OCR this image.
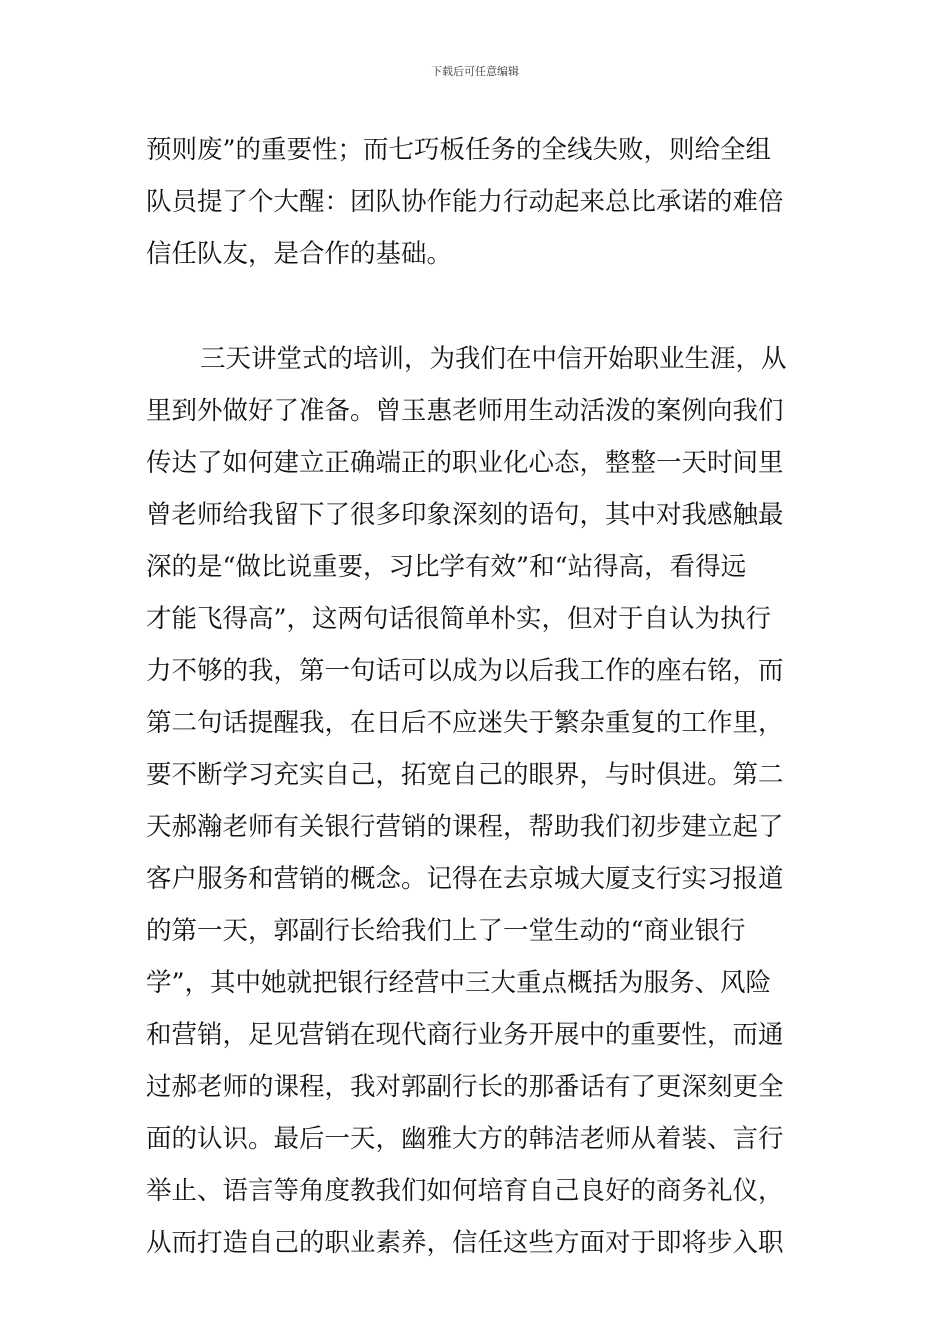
下载后可任意编辑
预则废”的重要性；而七巧板任务的全线失败，则给全组
队员提了个大醒：团队协作能力行动起来总比承诺的难倍
信任队友，是合作的基础。
三天讲堂式的培训，为我们在中信开始职业生涯，从
里到外做好了准备。曾玉惠老师用生动活泼的案例向我们
传达了如何建立正确端正的职业化心态，整整一天时间里
曾老师给我留下了很多印象深刻的语句，其中对我感触最
深的是“做比说重要，习比学有效”和“站得高，看得远
才能飞得高”，这两句话很简单朴实，但对于自认为执行
力不够的我，第一句话可以成为以后我工作的座右铭，而
第二句话提醒我，在日后不应迷失于繁杂重复的工作里，
要不断学习充实自己，拓宽自己的眼界，与时俱进。第二
天郝瀚老师有关银行营销的课程，帮助我们初步建立起了
客户服务和营销的概念。记得在去京城大厦支行实习报道
的第一天，郭副行长给我们上了一堂生动的“商业银行
学”，其中她就把银行经营中三大重点概括为服务、风险
和营销，足见营销在现代商行业务开展中的重要性，而通
过郝老师的课程，我对郭副行长的那番话有了更深刻更全
面的认识。最后一天，幽雅大方的韩洁老师从着装、言行
举止、语言等角度教我们如何培育自己良好的商务礼仪，
从而打造自己的职业素养，信任这些方面对于即将步入职
